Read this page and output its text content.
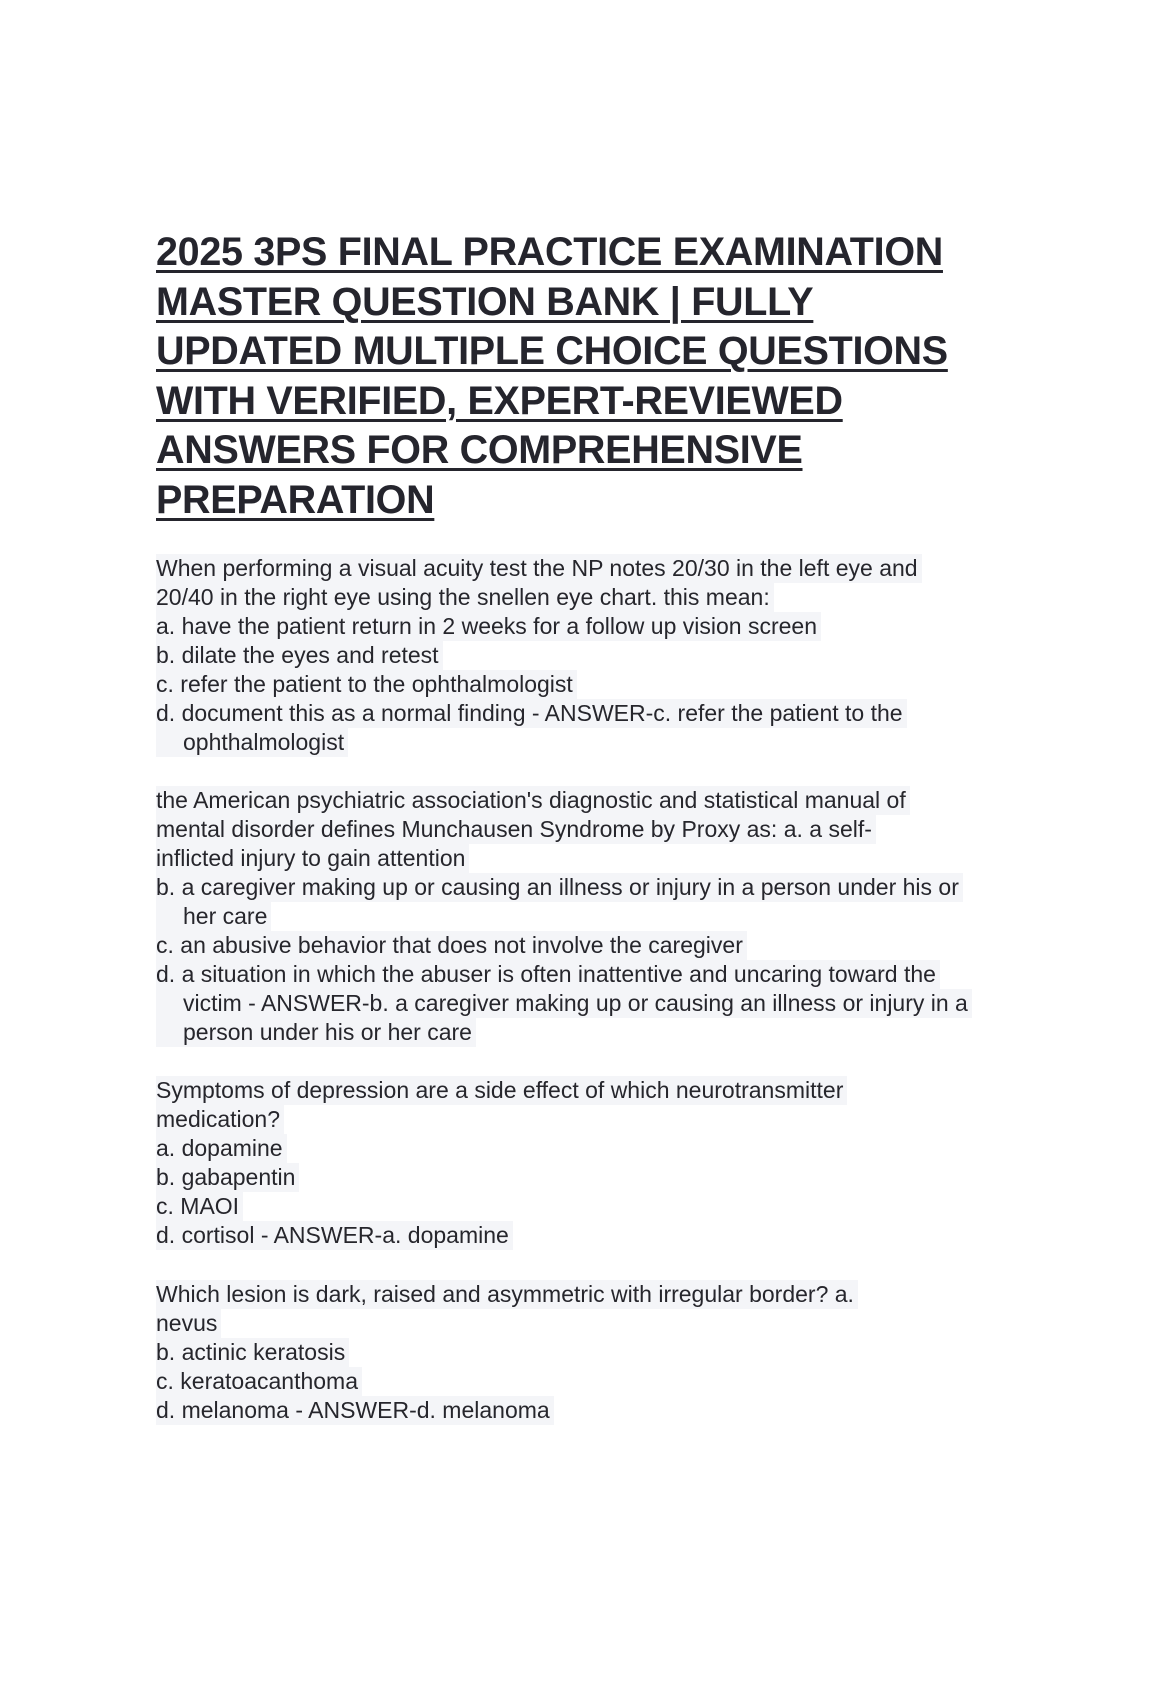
2025 3PS FINAL PRACTICE EXAMINATION
MASTER QUESTION BANK | FULLY
UPDATED MULTIPLE CHOICE QUESTIONS
WITH VERIFIED, EXPERT-REVIEWED
ANSWERS FOR COMPREHENSIVE
PREPARATION
When performing a visual acuity test the NP notes 20/30 in the left eye and
20/40 in the right eye using the snellen eye chart. this mean:
a. have the patient return in 2 weeks for a follow up vision screen
b. dilate the eyes and retest
c. refer the patient to the ophthalmologist
d. document this as a normal finding - ANSWER-c. refer the patient to the
ophthalmologist
the American psychiatric association's diagnostic and statistical manual of
mental disorder defines Munchausen Syndrome by Proxy as: a. a self-
inflicted injury to gain attention
b. a caregiver making up or causing an illness or injury in a person under his or
her care
c. an abusive behavior that does not involve the caregiver
d. a situation in which the abuser is often inattentive and uncaring toward the
victim - ANSWER-b. a caregiver making up or causing an illness or injury in a
person under his or her care
Symptoms of depression are a side effect of which neurotransmitter
medication?
a. dopamine
b. gabapentin
c. MAOI
d. cortisol - ANSWER-a. dopamine
Which lesion is dark, raised and asymmetric with irregular border? a.
nevus
b. actinic keratosis
c. keratoacanthoma
d. melanoma - ANSWER-d. melanoma
